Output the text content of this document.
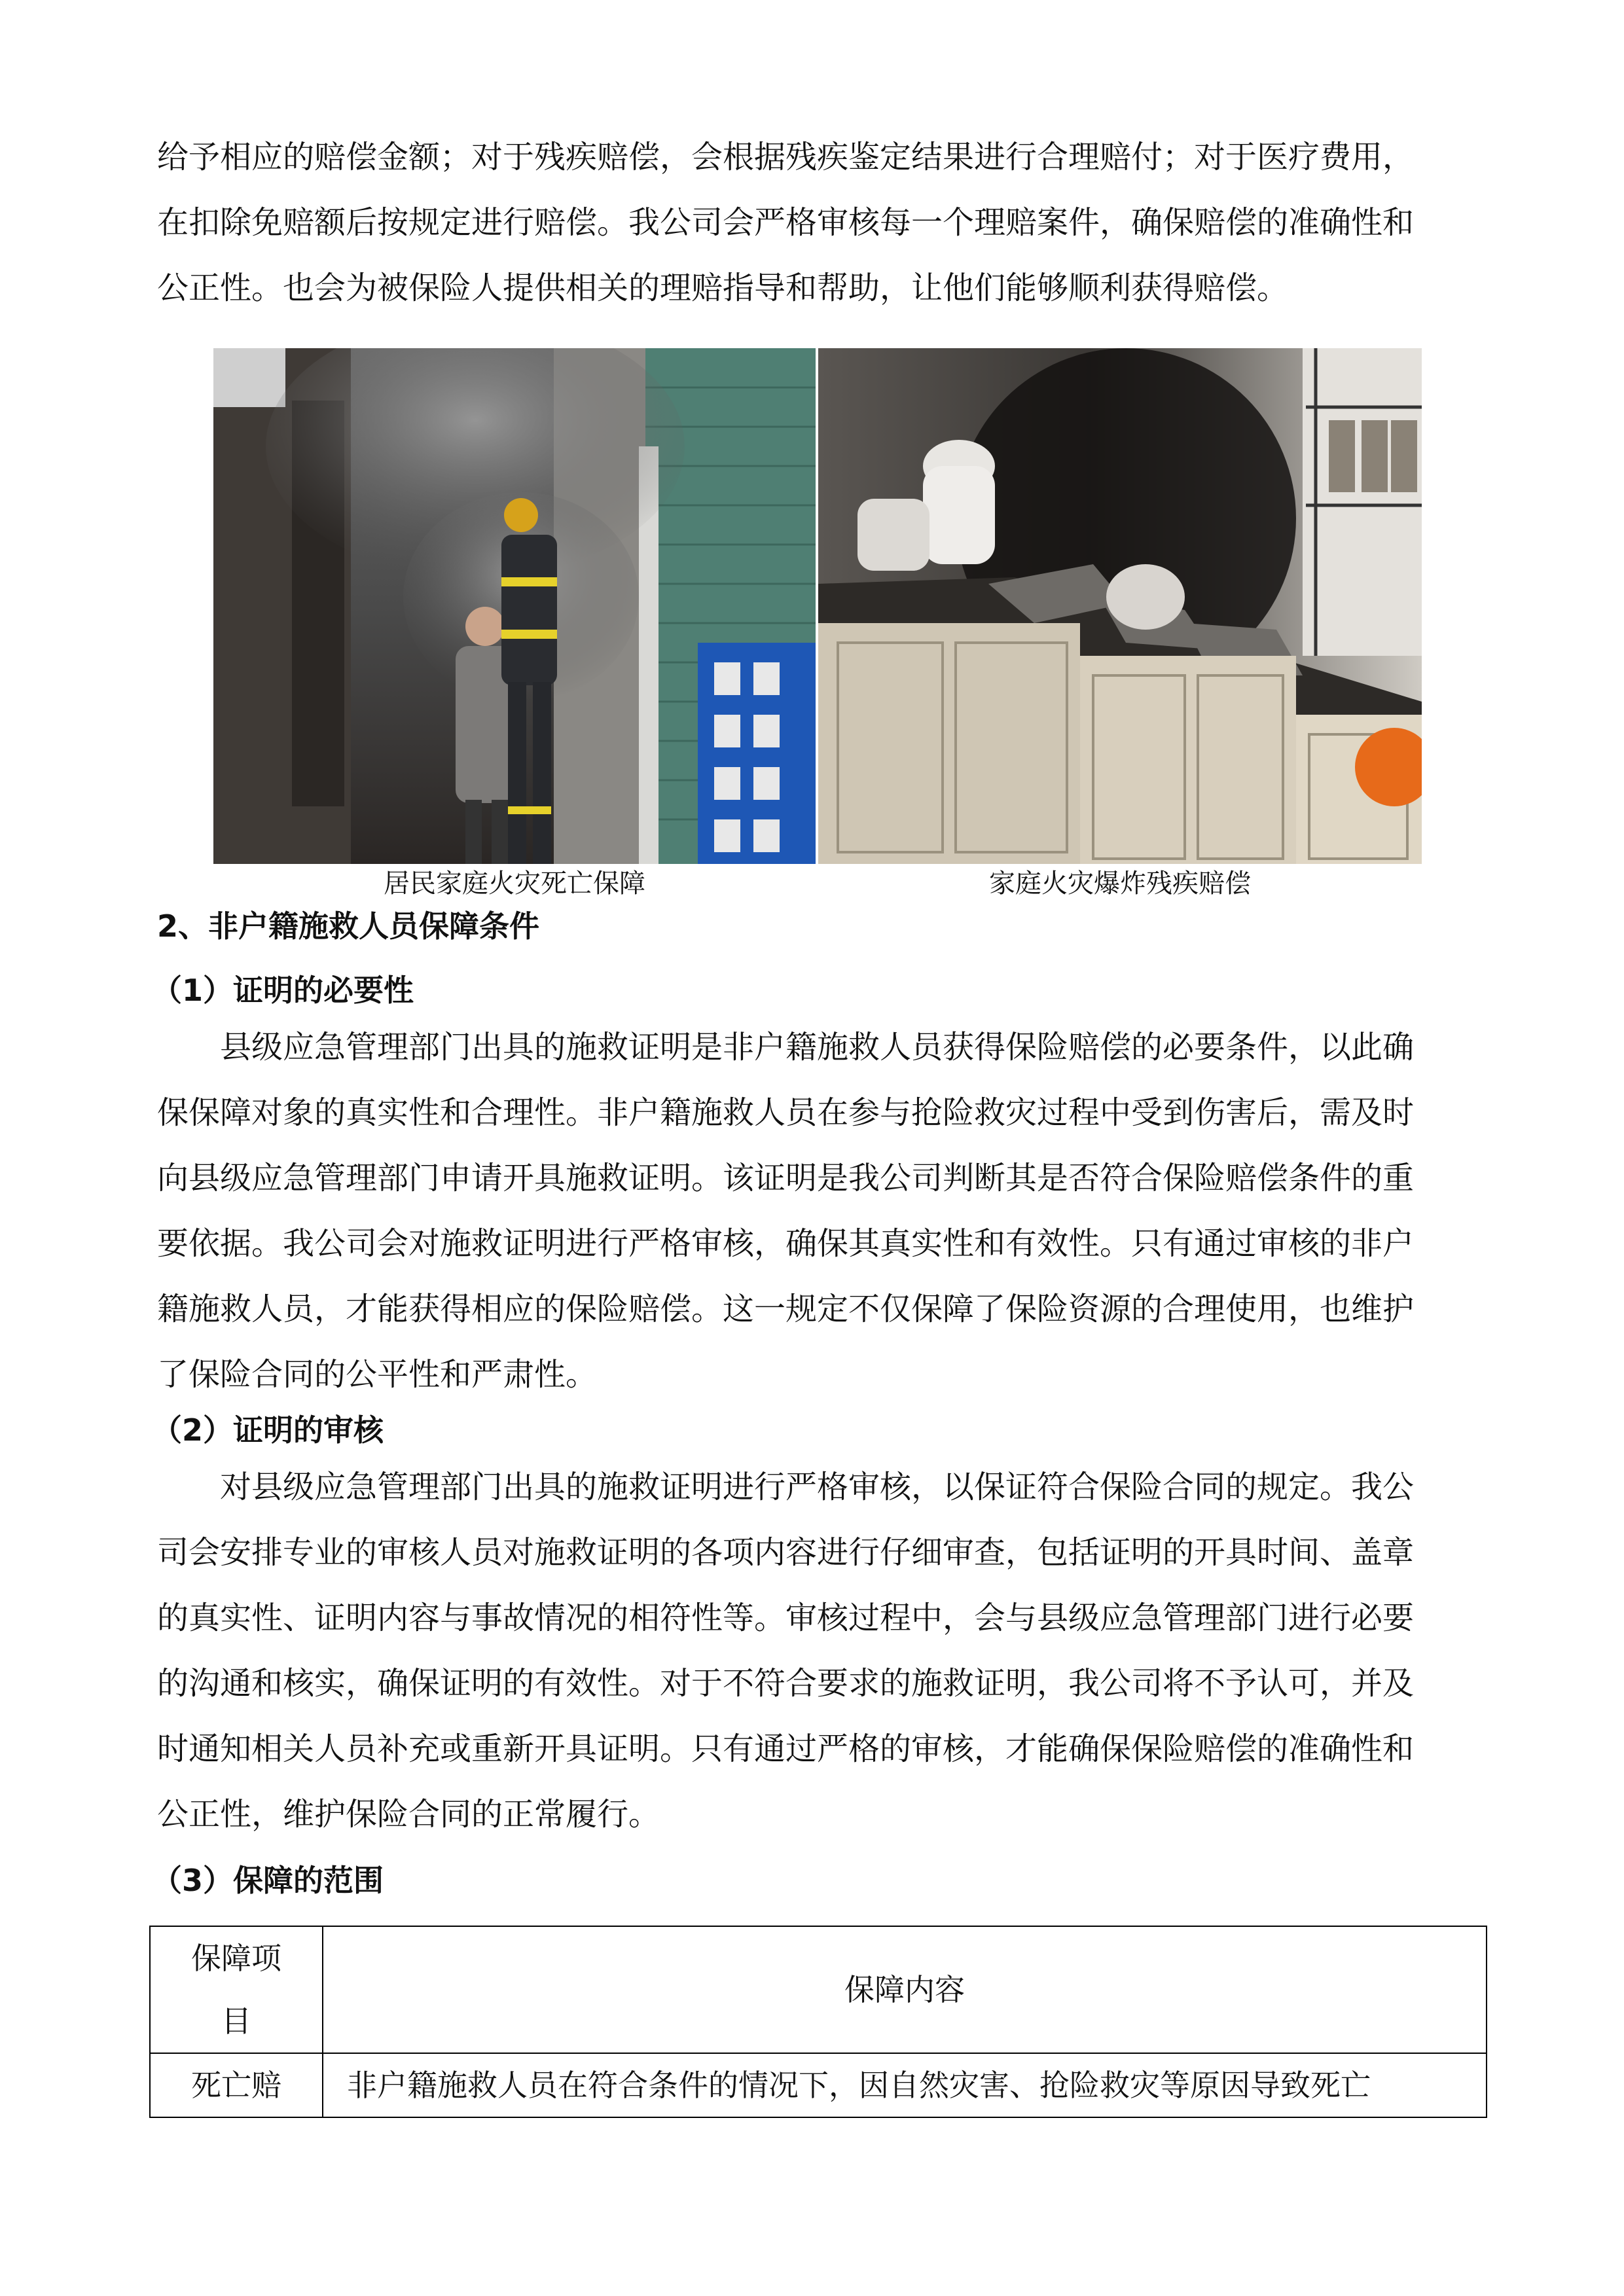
给予相应的赔偿金额；对于残疾赔偿，会根据残疾鉴定结果进行合理赔付；对于医疗费用，
在扣除免赔额后按规定进行赔偿。我公司会严格审核每一个理赔案件，确保赔偿的准确性和
公正性。也会为被保险人提供相关的理赔指导和帮助，让他们能够顺利获得赔偿。

居民家庭火灾死亡保障	家庭火灾爆炸残疾赔偿
2、非户籍施救人员保障条件
（1）证明的必要性

县级应急管理部门出具的施救证明是非户籍施救人员获得保险赔偿的必要条件，以此确
保保障对象的真实性和合理性。非户籍施救人员在参与抢险救灾过程中受到伤害后，需及时
向县级应急管理部门申请开具施救证明。该证明是我公司判断其是否符合保险赔偿条件的重
要依据。我公司会对施救证明进行严格审核，确保其真实性和有效性。只有通过审核的非户
籍施救人员，才能获得相应的保险赔偿。这一规定不仅保障了保险资源的合理使用，也维护
了保险合同的公平性和严肃性。

（2）证明的审核

对县级应急管理部门出具的施救证明进行严格审核，以保证符合保险合同的规定。我公
司会安排专业的审核人员对施救证明的各项内容进行仔细审查，包括证明的开具时间、盖章
的真实性、证明内容与事故情况的相符性等。审核过程中，会与县级应急管理部门进行必要
的沟通和核实，确保证明的有效性。对于不符合要求的施救证明，我公司将不予认可，并及
时通知相关人员补充或重新开具证明。只有通过严格的审核，才能确保保险赔偿的准确性和
公正性，维护保险合同的正常履行。

（3）保障的范围
保障项
目	保障内容
死亡赔	非户籍施救人员在符合条件的情况下，因自然灾害、抢险救灾等原因导致死亡
